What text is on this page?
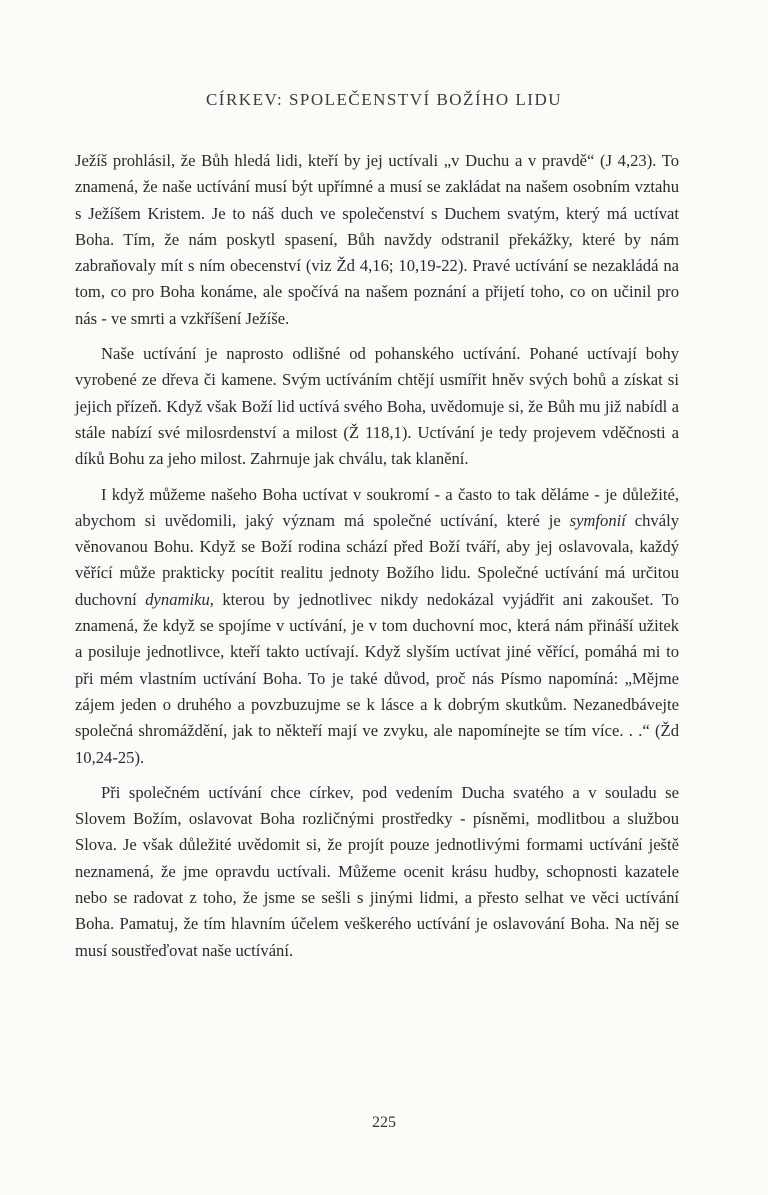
CÍRKEV: SPOLEČENSTVÍ BOŽÍHO LIDU

Ježíš prohlásil, že Bůh hledá lidi, kteří by jej uctívali „v Duchu a v pravdě“ (J 4,23). To znamená, že naše uctívání musí být upřímné a musí se zakládat na našem osobním vztahu s Ježíšem Kristem. Je to náš duch ve společenství s Duchem svatým, který má uctívat Boha. Tím, že nám poskytl spasení, Bůh navždy odstranil překážky, které by nám zabraňovaly mít s ním obecenství (viz Žd 4,16; 10,19-22). Pravé uctívání se nezakládá na tom, co pro Boha konáme, ale spočívá na našem poznání a přijetí toho, co on učinil pro nás - ve smrti a vzkříšení Ježíše.

Naše uctívání je naprosto odlišné od pohanského uctívání. Pohané uctívají bohy vyrobené ze dřeva či kamene. Svým uctíváním chtějí usmířit hněv svých bohů a získat si jejich přízeň. Když však Boží lid uctívá svého Boha, uvědomuje si, že Bůh mu již nabídl a stále nabízí své milosrdenství a milost (Ž 118,1). Uctívání je tedy projevem vděčnosti a díků Bohu za jeho milost. Zahrnuje jak chválu, tak klanění.

I když můžeme našeho Boha uctívat v soukromí - a často to tak děláme - je důležité, abychom si uvědomili, jaký význam má společné uctívání, které je symfonií chvály věnovanou Bohu. Když se Boží rodina schází před Boží tváří, aby jej oslavovala, každý věřící může prakticky pocítit realitu jednoty Božího lidu. Společné uctívání má určitou duchovní dynamiku, kterou by jednotlivec nikdy nedokázal vyjádřit ani zakoušet. To znamená, že když se spojíme v uctívání, je v tom duchovní moc, která nám přináší užitek a posiluje jednotlivce, kteří takto uctívají. Když slyším uctívat jiné věřící, pomáhá mi to při mém vlastním uctívání Boha. To je také důvod, proč nás Písmo napomíná: „Mějme zájem jeden o druhého a povzbuzujme se k lásce a k dobrým skutkům. Nezanedbávejte společná shromáždění, jak to někteří mají ve zvyku, ale napomínejte se tím více. . .“ (Žd 10,24-25).

Při společném uctívání chce církev, pod vedením Ducha svatého a v souladu se Slovem Božím, oslavovat Boha rozličnými prostředky - písněmi, modlitbou a službou Slova. Je však důležité uvědomit si, že projít pouze jednotlivými formami uctívání ještě neznamená, že jme opravdu uctívali. Můžeme ocenit krásu hudby, schopnosti kazatele nebo se radovat z toho, že jsme se sešli s jinými lidmi, a přesto selhat ve věci uctívání Boha. Pamatuj, že tím hlavním účelem veškerého uctívání je oslavování Boha. Na něj se musí soustřeďovat naše uctívání.

225
